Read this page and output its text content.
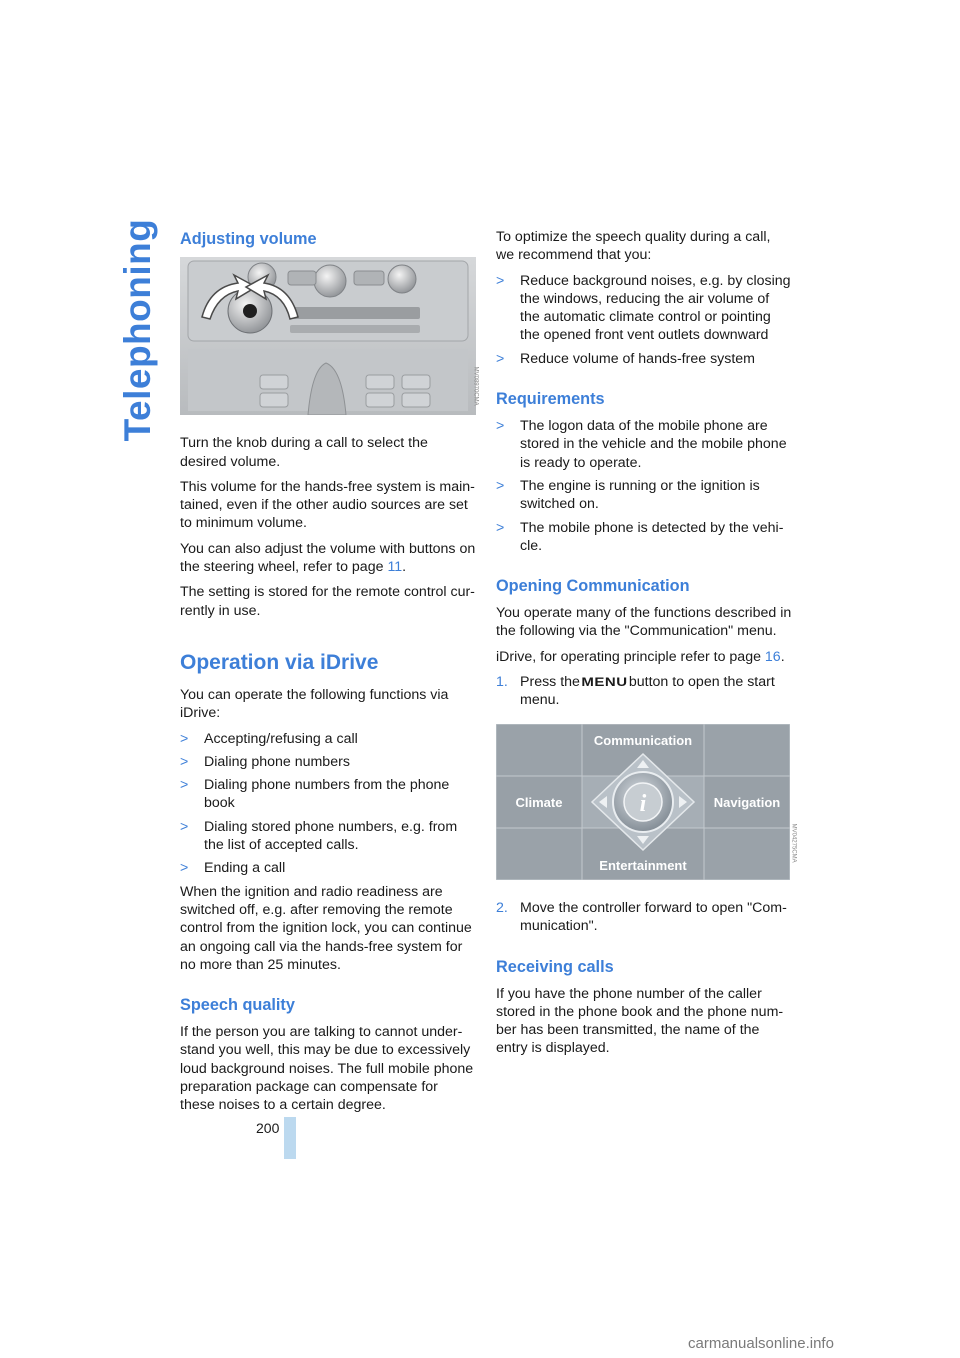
Telephoning Adjusting volume
MV08970CMA

Turn the knob during a call to select the desired volume.

This volume for the hands-free system is main-tained, even if the other audio sources are set to minimum volume.

You can also adjust the volume with buttons on the steering wheel, refer to page 11.

The setting is stored for the remote control cur-rently in use.

Operation via iDrive

You can operate the following functions via iDrive:

> Accepting/refusing a call
> Dialing phone numbers
> Dialing phone numbers from the phone book
> Dialing stored phone numbers, e.g. from the list of accepted calls.
> Ending a call

When the ignition and radio readiness are switched off, e.g. after removing the remote control from the ignition lock, you can continue an ongoing call via the hands-free system for no more than 25 minutes.

Speech quality

If the person you are talking to cannot under-stand you well, this may be due to excessively loud background noises. The full mobile phone preparation package can compensate for these noises to a certain degree.

To optimize the speech quality during a call, we recommend that you:

> Reduce background noises, e.g. by closing the windows, reducing the air volume of the automatic climate control or pointing the opened front vent outlets downward
> Reduce volume of hands-free system
Requirements
> The logon data of the mobile phone are stored in the vehicle and the mobile phone is ready to operate.
> The engine is running or the ignition is switched on.
> The mobile phone is detected by the vehi-cle.
Opening Communication

You operate many of the functions described in the following via the "Communication" menu.

iDrive, for operating principle refer to page 16.

1. Press theMENUbutton to open the start menu.
i
Communication
Climate	Navigation
Entertainment
MV04275CMA
2. Move the controller forward to open "Com-munication".
Receiving calls

If you have the phone number of the caller stored in the phone book and the phone num-ber has been transmitted, the name of the entry is displayed.

200
carmanualsonline.info
